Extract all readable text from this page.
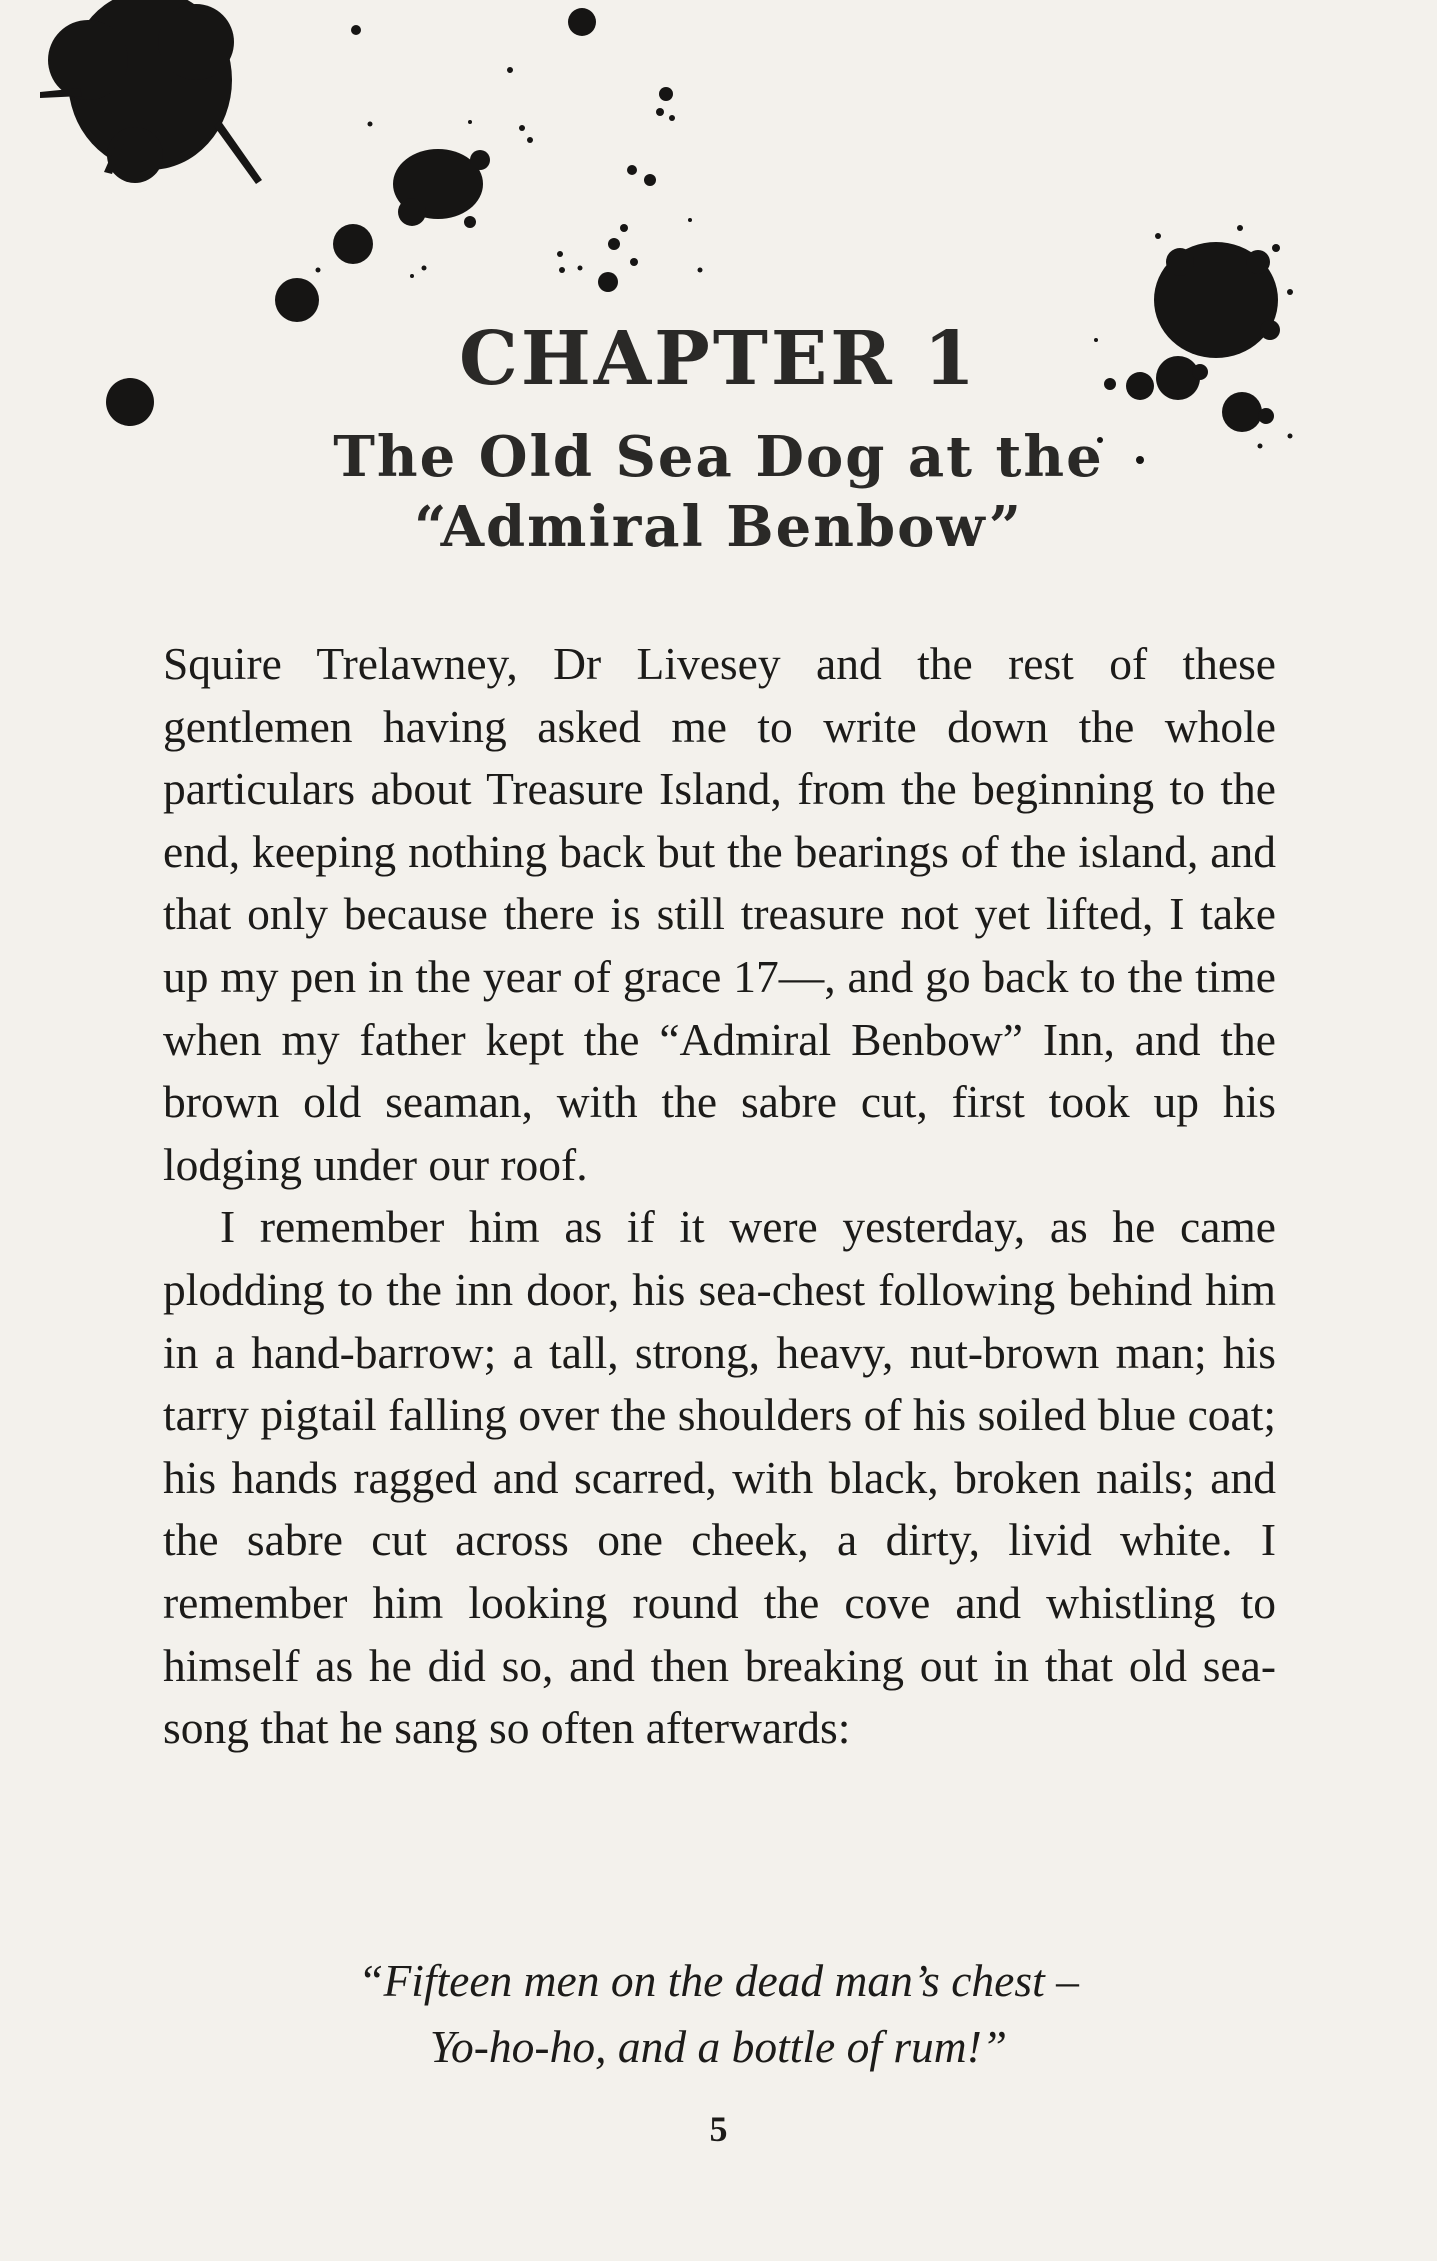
CHAPTER 1
The Old Sea Dog at the
“Admiral Benbow”

Squire Trelawney, Dr Livesey and the rest of these gentlemen having asked me to write down the whole particulars about Treasure Island, from the beginning to the end, keeping nothing back but the bearings of the island, and that only because there is still treasure not yet lifted, I take up my pen in the year of grace 17—, and go back to the time when my father kept the “Admiral Benbow” Inn, and the brown old seaman, with the sabre cut, first took up his lodging under our roof.

I remember him as if it were yesterday, as he came plodding to the inn door, his sea-chest following behind him in a hand-barrow; a tall, strong, heavy, nut-brown man; his tarry pigtail falling over the shoulders of his soiled blue coat; his hands ragged and scarred, with black, broken nails; and the sabre cut across one cheek, a dirty, livid white. I remember him looking round the cove and whistling to himself as he did so, and then breaking out in that old sea-song that he sang so often afterwards:

“Fifteen men on the dead man’s chest –
Yo-ho-ho, and a bottle of rum!”
5
